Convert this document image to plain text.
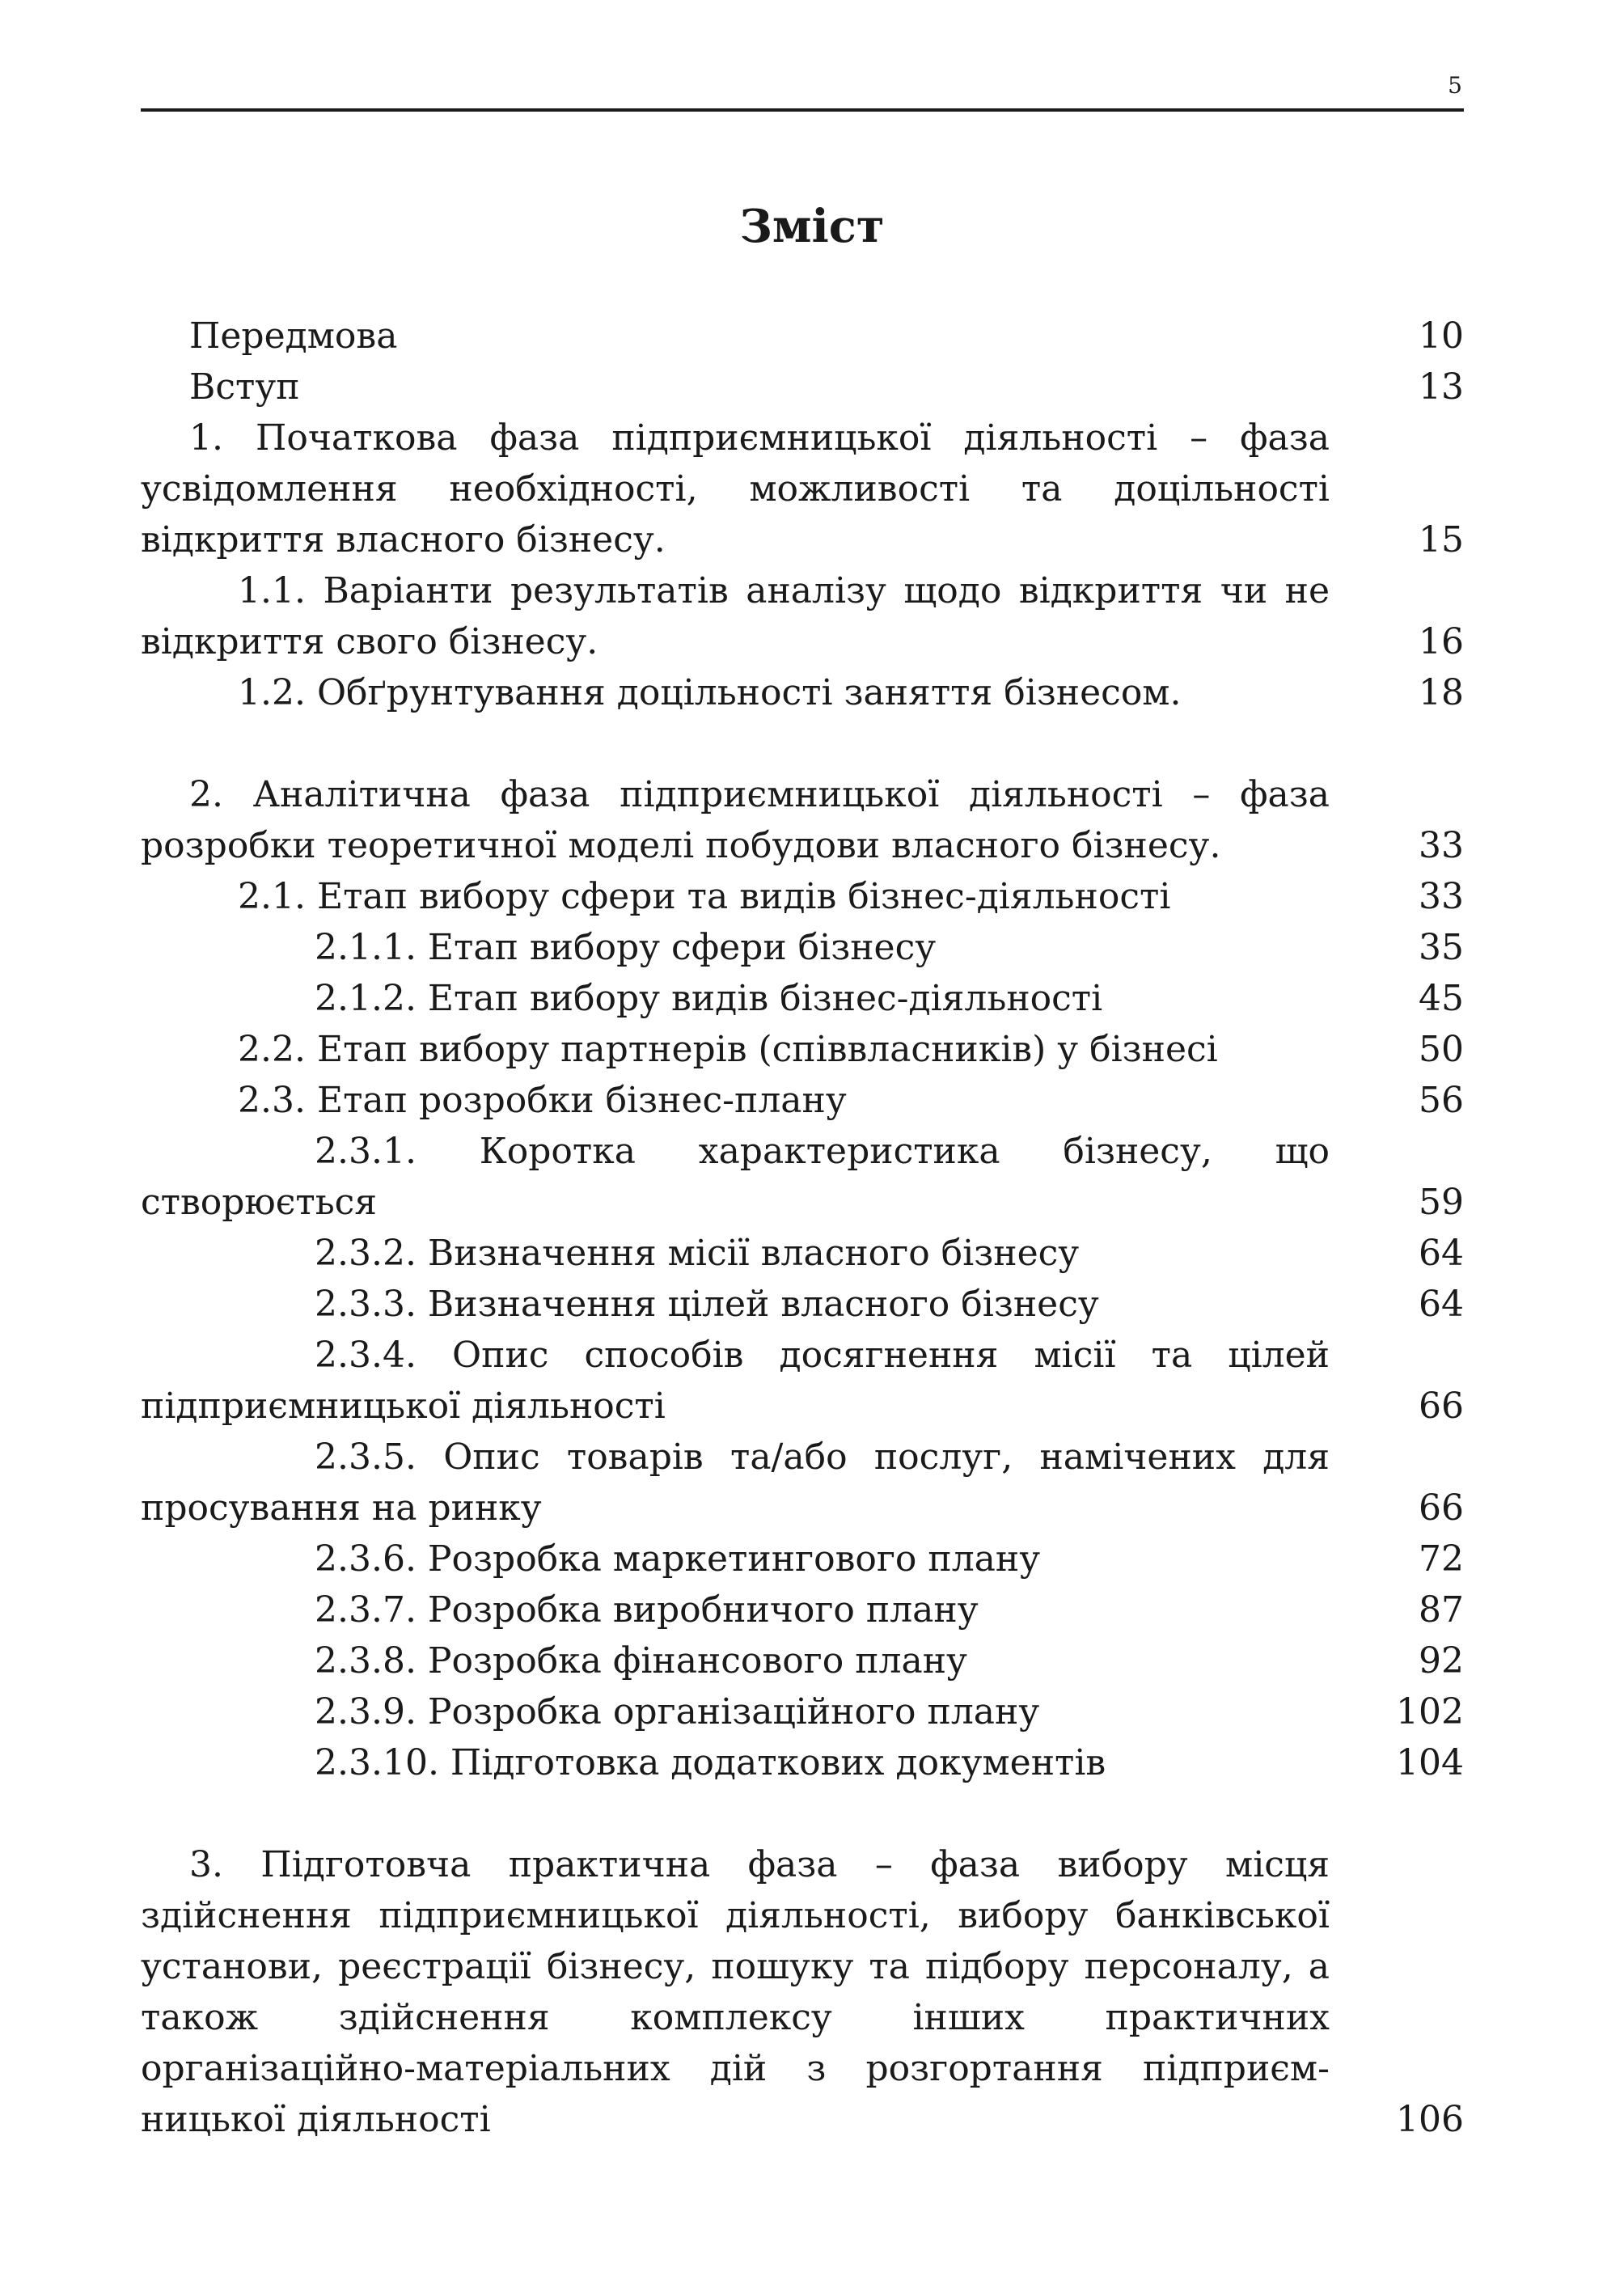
5
Зміст
Передмова	10
Вступ	13
1. Початкова фаза підприємницької діяльності – фаза усвідомлення необхідності, можливості та доцільності відкриття власного бізнесу.	15
1.1. Варіанти результатів аналізу щодо відкриття чи не відкриття свого бізнесу.	16
1.2. Обґрунтування доцільності заняття бізнесом.	18
2. Аналітична фаза підприємницької діяльності – фаза розробки теоретичної моделі побудови власного бізнесу.	33
2.1. Етап вибору сфери та видів бізнес-діяльності	33
2.1.1. Етап вибору сфери бізнесу	35
2.1.2. Етап вибору видів бізнес-діяльності	45
2.2. Етап вибору партнерів (співвласників) у бізнесі	50
2.3. Етап розробки бізнес-плану	56
2.3.1. Коротка характеристика бізнесу, що створюється	59
2.3.2. Визначення місії власного бізнесу	64
2.3.3. Визначення цілей власного бізнесу	64
2.3.4. Опис способів досягнення місії та цілей підприємницької діяльності	66
2.3.5. Опис товарів та/або послуг, намічених для просування на ринку	66
2.3.6. Розробка маркетингового плану	72
2.3.7. Розробка виробничого плану	87
2.3.8. Розробка фінансового плану	92
2.3.9. Розробка організаційного плану	102
2.3.10. Підготовка додаткових документів	104
3. Підготовча практична фаза – фаза вибору місця здійснення підприємницької діяльності, вибору банківської установи, реєстрації бізнесу, пошуку та підбору персоналу, а також здійснення комплексу інших практичних організаційно-матеріальних дій з розгортання підприєм-ницької діяльності	106
